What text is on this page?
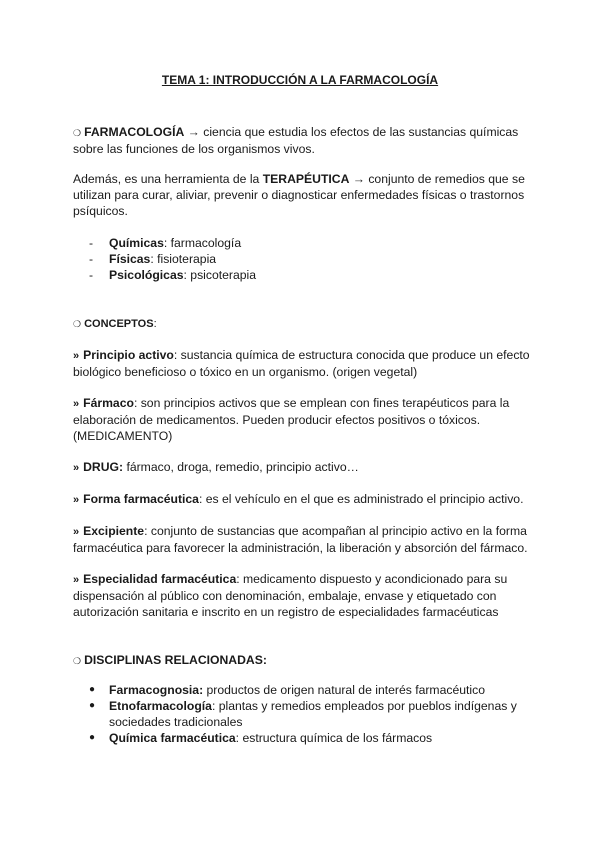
TEMA 1: INTRODUCCIÓN A LA FARMACOLOGÍA
❍ FARMACOLOGÍA → ciencia que estudia los efectos de las sustancias químicas sobre las funciones de los organismos vivos.
Además, es una herramienta de la TERAPÉUTICA → conjunto de remedios que se utilizan para curar, aliviar, prevenir o diagnosticar enfermedades físicas o trastornos psíquicos.
- Químicas: farmacología
- Físicas: fisioterapia
- Psicológicas: psicoterapia
❍ CONCEPTOS:
» Principio activo: sustancia química de estructura conocida que produce un efecto biológico beneficioso o tóxico en un organismo. (origen vegetal)
» Fármaco: son principios activos que se emplean con fines terapéuticos para la elaboración de medicamentos. Pueden producir efectos positivos o tóxicos. (MEDICAMENTO)
» DRUG: fármaco, droga, remedio, principio activo…
» Forma farmacéutica: es el vehículo en el que es administrado el principio activo.
» Excipiente: conjunto de sustancias que acompañan al principio activo en la forma farmacéutica para favorecer la administración, la liberación y absorción del fármaco.
» Especialidad farmacéutica: medicamento dispuesto y acondicionado para su dispensación al público con denominación, embalaje, envase y etiquetado con autorización sanitaria e inscrito en un registro de especialidades farmacéuticas
❍ DISCIPLINAS RELACIONADAS:
● Farmacognosia: productos de origen natural de interés farmacéutico
● Etnofarmacología: plantas y remedios empleados por pueblos indígenas y sociedades tradicionales
● Química farmacéutica: estructura química de los fármacos
